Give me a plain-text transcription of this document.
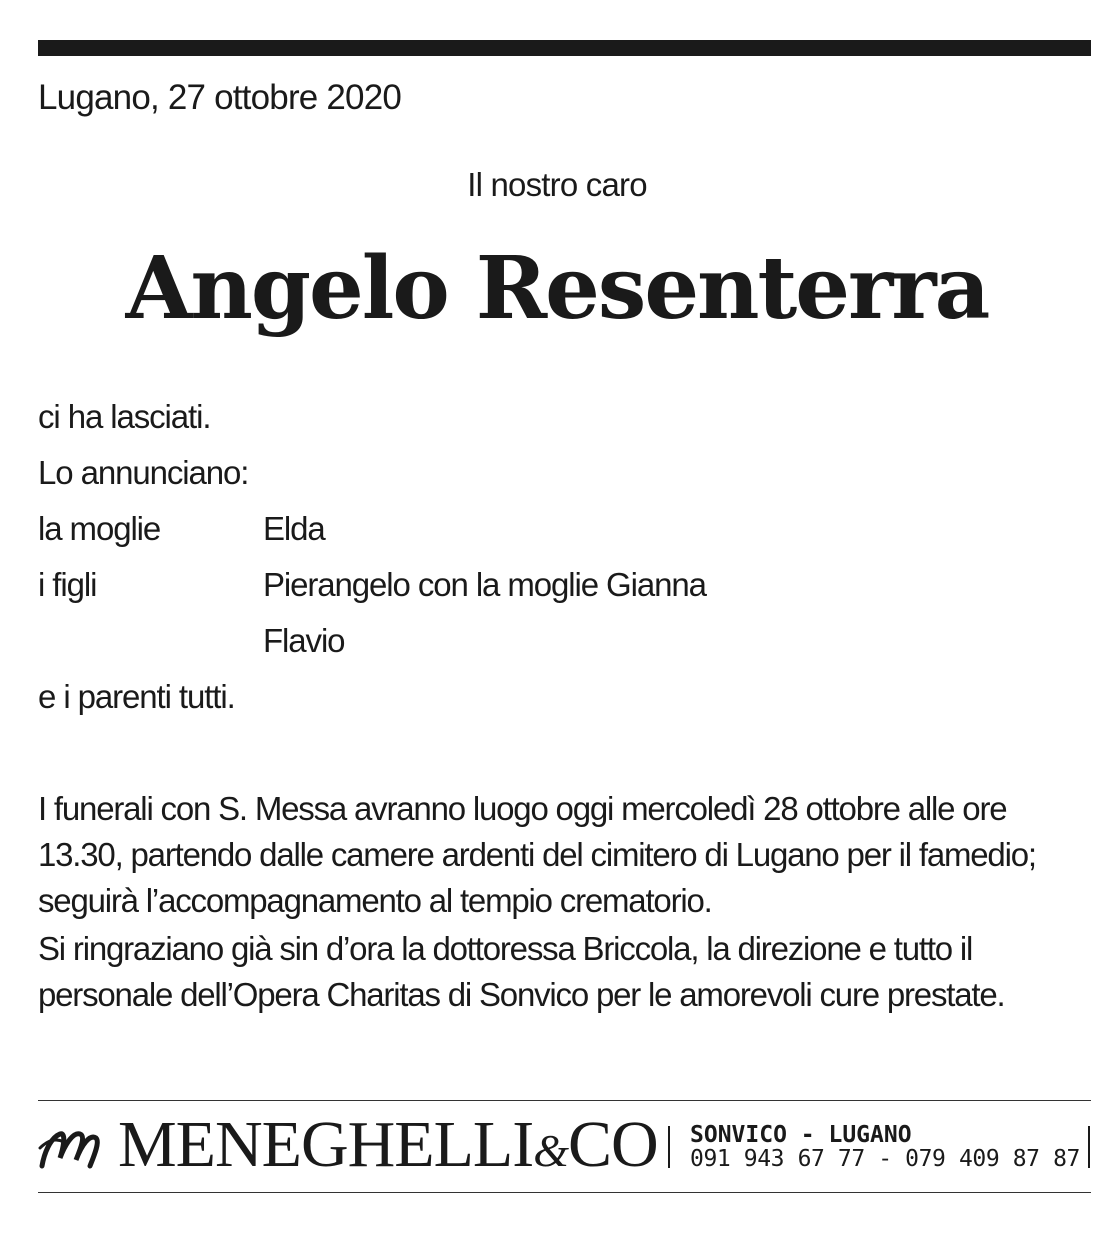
Lugano, 27 ottobre 2020
Il nostro caro
Angelo Resenterra
ci ha lasciati.
Lo annunciano:
la moglie	Elda
i figli	Pierangelo con la moglie Gianna
Flavio
e i parenti tutti.
I funerali con S. Messa avranno luogo oggi mercoledì 28 ottobre alle ore 13.30, partendo dalle camere ardenti del cimitero di Lugano per il famedio; seguirà l’accompagnamento al tempio crematorio.
Si ringraziano già sin d’ora la dottoressa Briccola, la direzione e tutto il personale dell’Opera Charitas di Sonvico per le amorevoli cure prestate.
MENEGHELLI&CO SONVICO - LUGANO
091 943 67 77 - 079 409 87 87
